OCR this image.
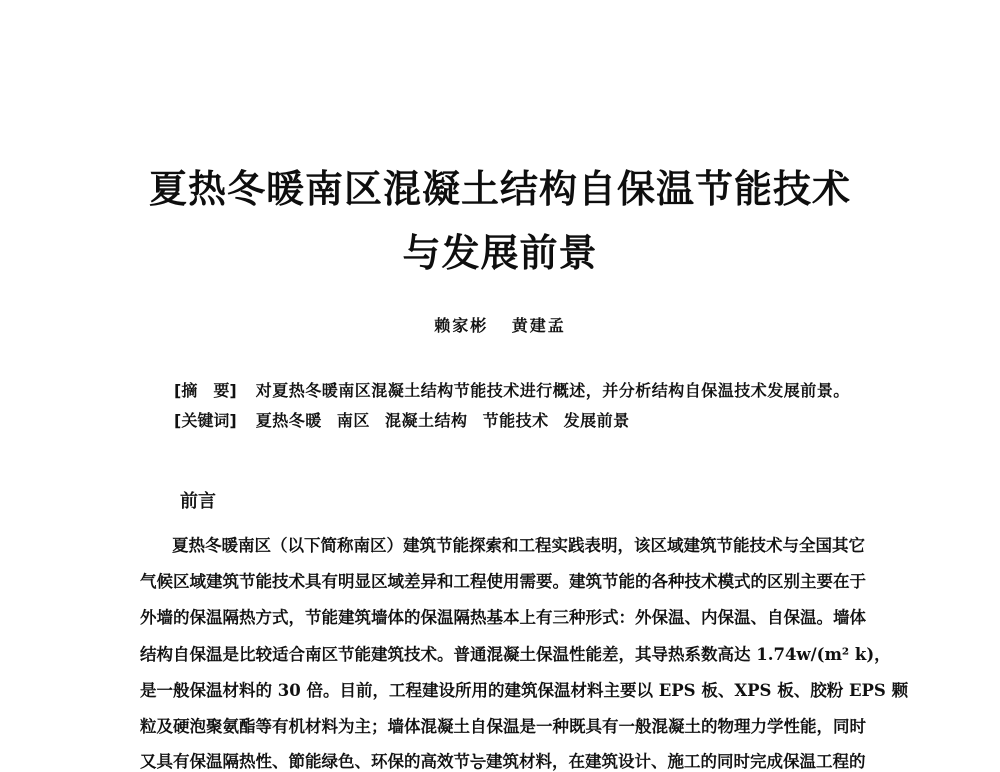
夏热冬暖南区混凝土结构自保温节能技术
与发展前景
赖家彬 黄建孟
[摘　要] 对夏热冬暖南区混凝土结构节能技术进行概述，并分析结构自保温技术发展前景。
[关键词] 夏热冬暖 南区 混凝土结构 节能技术 发展前景
前言
夏热冬暖南区（以下简称南区）建筑节能探索和工程实践表明，该区域建筑节能技术与全国其它
气候区域建筑节能技术具有明显区域差异和工程使用需要。建筑节能的各种技术模式的区别主要在于
外墙的保温隔热方式，节能建筑墙体的保温隔热基本上有三种形式：外保温、内保温、自保温。墙体
结构自保温是比较适合南区节能建筑技术。普通混凝土保温性能差，其导热系数高达 1.74w/(m² k)，
是一般保温材料的 30 倍。目前，工程建设所用的建筑保温材料主要以 EPS 板、XPS 板、胶粉 EPS 颗
粒及硬泡聚氨酯等有机材料为主；墙体混凝土自保温是一种既具有一般混凝土的物理力学性能，同时
又具有保温隔热性、節能绿色、环保的高效节능建筑材料，在建筑设计、施工的同时完成保温工程的
